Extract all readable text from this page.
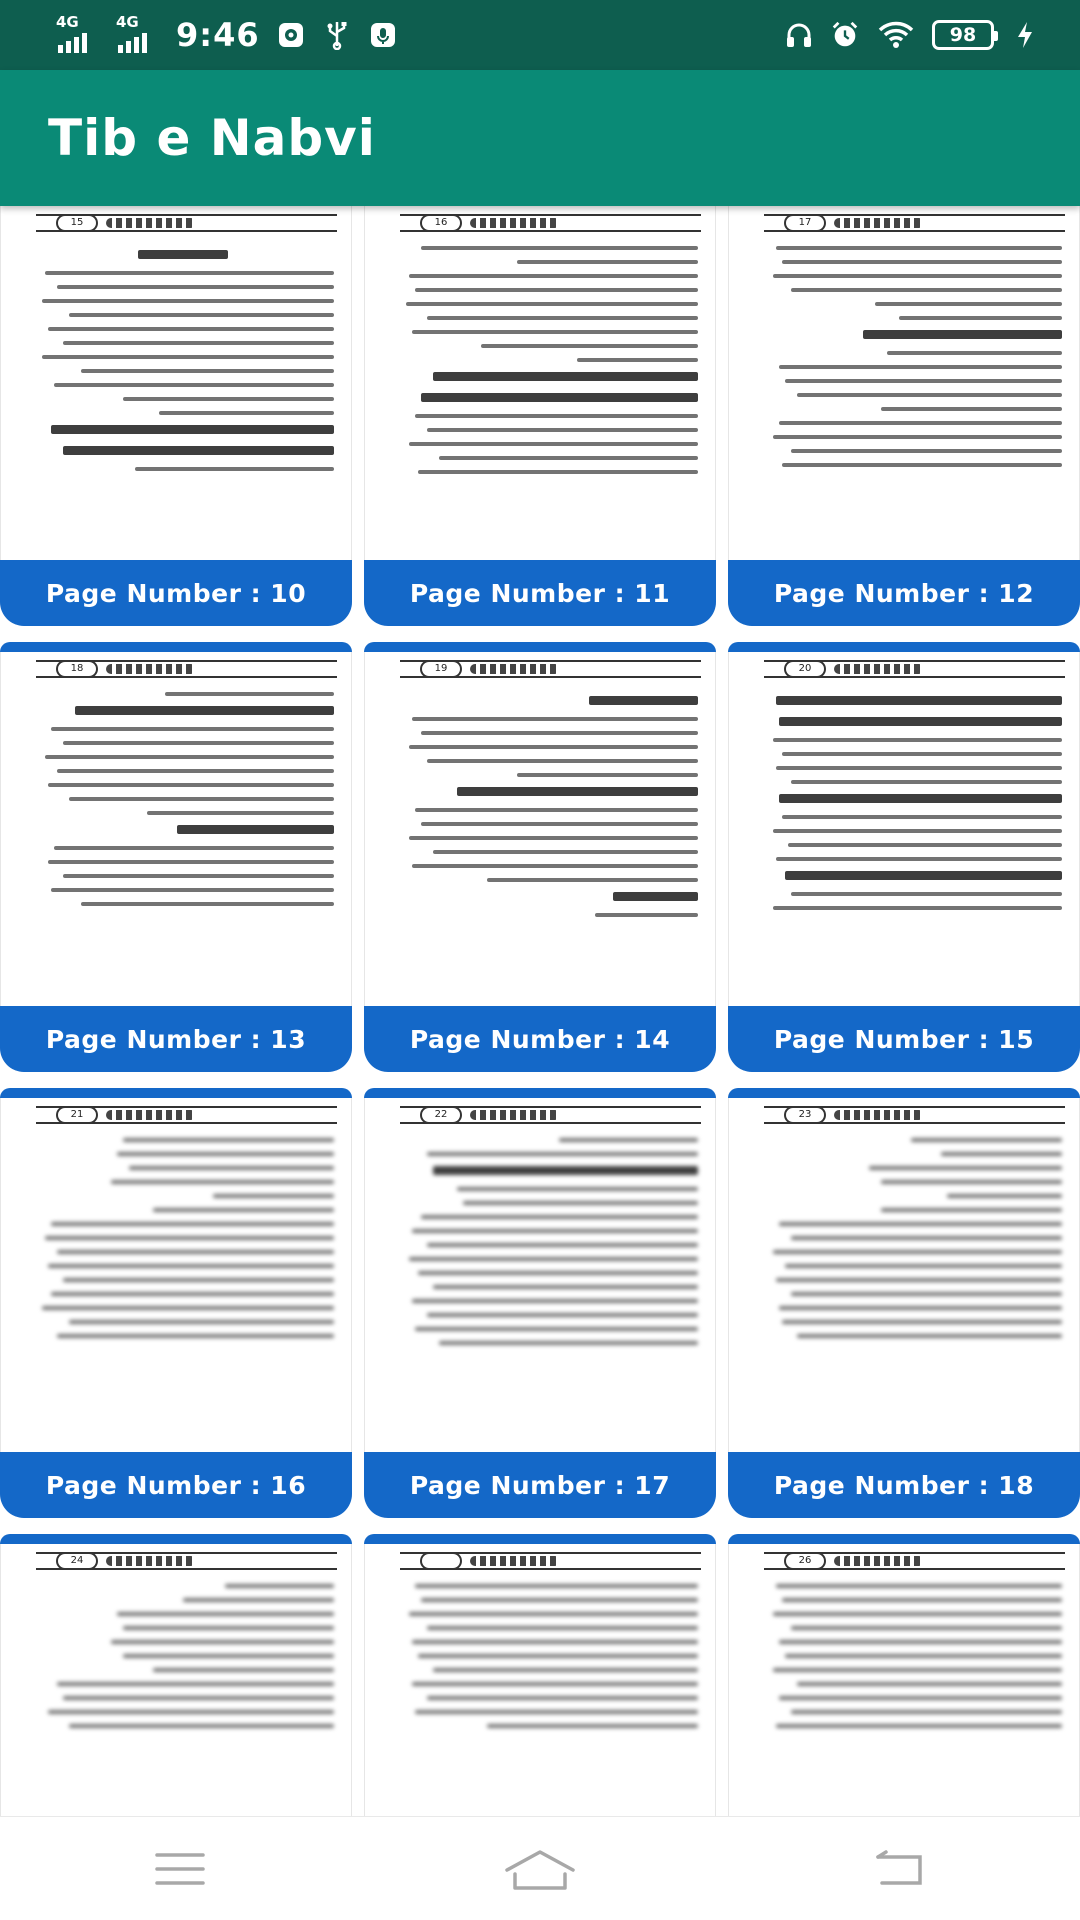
4G 4G 9:46	98
Tib e Nabvi
15
Page Number : 10
16
Page Number : 11
17
Page Number : 12
18
Page Number : 13
19
Page Number : 14
20
Page Number : 15
21
Page Number : 16
22
Page Number : 17
23
Page Number : 18
24	26
